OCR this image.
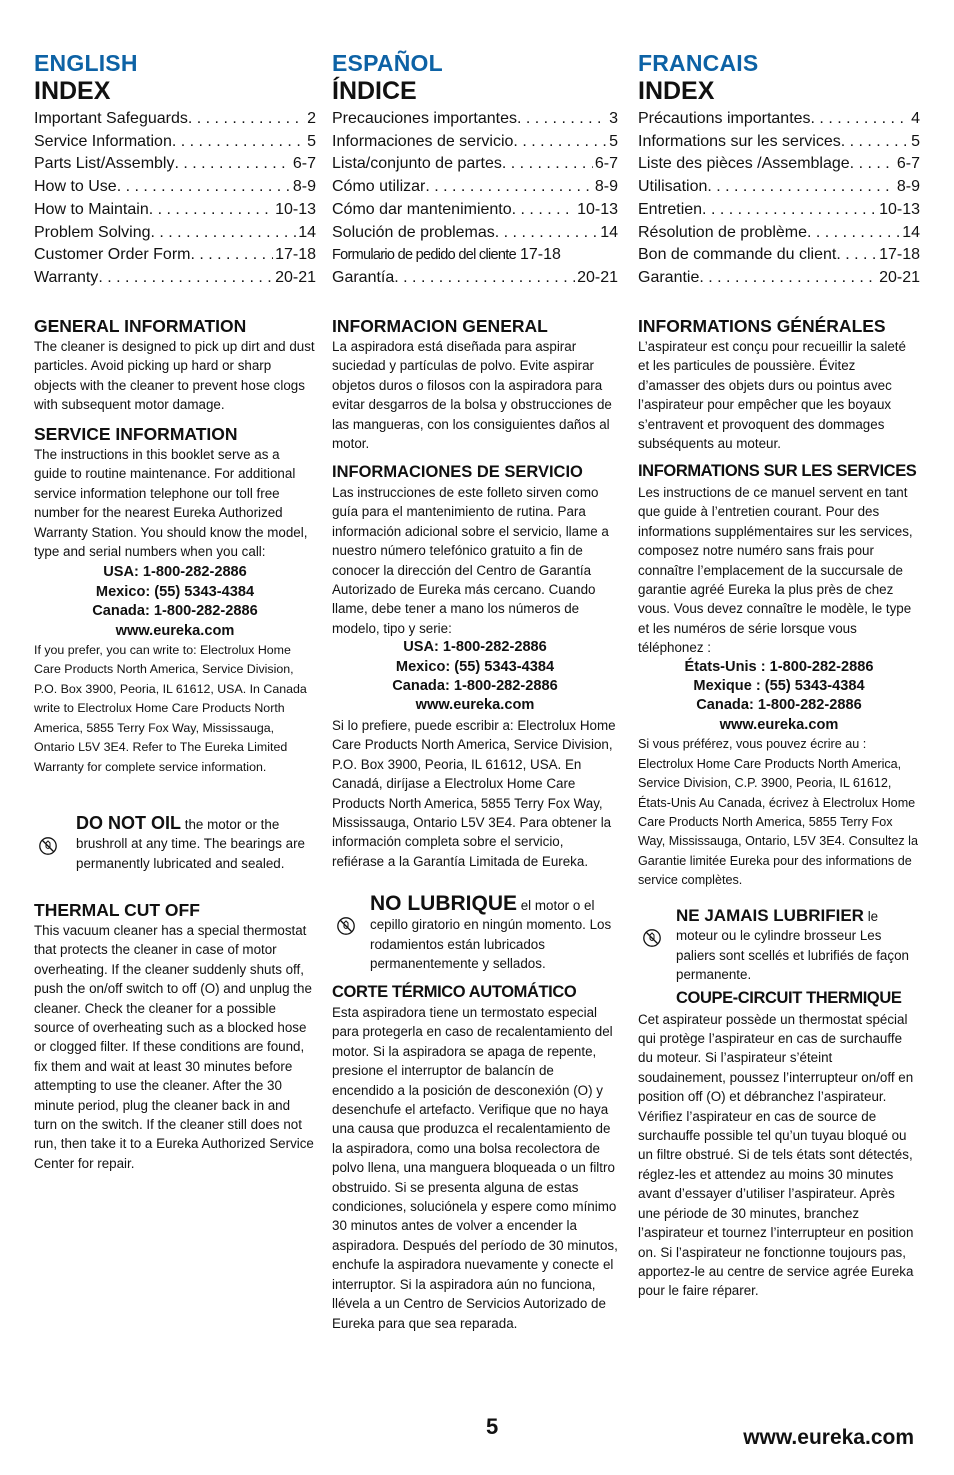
ENGLISH
INDEX
Important Safeguards . . .	2
Service Information . . .	5
Parts List/Assembly . . .	6-7
How to Use . . .	8-9
How to Maintain . . .	10-13
Problem Solving . . .	14
Customer Order Form . . .	17-18
Warranty . . .	20-21
GENERAL INFORMATION

The cleaner is designed to pick up dirt and dust particles. Avoid picking up hard or sharp objects with the cleaner to prevent hose clogs with subsequent motor damage.

SERVICE INFORMATION

The instructions in this booklet serve as a guide to routine maintenance. For additional service information telephone our toll free number for the nearest Eureka Authorized Warranty Station. You should know the model, type and serial numbers when you call:

USA: 1-800-282-2886
Mexico: (55) 5343-4384
Canada: 1-800-282-2886
www.eureka.com

If you prefer, you can write to: Electrolux Home Care Products North America, Service Division, P.O. Box 3900, Peoria, IL 61612, USA. In Canada write to Electrolux Home Care Products North America, 5855 Terry Fox Way, Mississauga, Ontario L5V 3E4. Refer to The Eureka Limited Warranty for complete service information.

DO NOT OIL the motor or the brushroll at any time. The bearings are permanently lubricated and sealed.
THERMAL CUT OFF

This vacuum cleaner has a special thermostat that protects the cleaner in case of motor overheating. If the cleaner suddenly shuts off, push the on/off switch to off (O) and unplug the cleaner. Check the cleaner for a possible source of overheating such as a blocked hose or clogged filter. If these conditions are found, fix them and wait at least 30 minutes before attempting to use the cleaner. After the 30 minute period, plug the cleaner back in and turn on the switch. If the cleaner still does not run, then take it to a Eureka Authorized Service Center for repair.

ESPAÑOL
ÍNDICE
Precauciones importantes . . .	3
Informaciones de servicio . . .	5
Lista/conjunto de partes . . .	6-7
Cómo utilizar . . .	8-9
Cómo dar mantenimiento . . .	10-13
Solución de problemas . . .	14
Formulario de pedido del cliente 17-18
Garantía . . .	20-21
INFORMACION GENERAL

La aspiradora está diseñada para aspirar suciedad y partículas de polvo. Evite aspirar objetos duros o filosos con la aspiradora para evitar desgarros de la bolsa y obstrucciones de las mangueras, con los consiguientes daños al motor.

INFORMACIONES DE SERVICIO

Las instrucciones de este folleto sirven como guía para el mantenimiento de rutina. Para información adicional sobre el servicio, llame a nuestro número telefónico gratuito a fin de conocer la dirección del Centro de Garantía Autorizado de Eureka más cercano. Cuando llame, debe tener a mano los números de modelo, tipo y serie:

USA: 1-800-282-2886
Mexico: (55) 5343-4384
Canada: 1-800-282-2886
www.eureka.com

Si lo prefiere, puede escribir a: Electrolux Home Care Products North America, Service Division, P.O. Box 3900, Peoria, IL 61612, USA. En Canadá, diríjase a Electrolux Home Care Products North America, 5855 Terry Fox Way, Mississauga, Ontario L5V 3E4. Para obtener la información completa sobre el servicio, refiérase a la Garantía Limitada de Eureka.

NO LUBRIQUE el motor o el cepillo giratorio en ningún momento. Los rodamientos están lubricados permanentemente y sellados.
CORTE TÉRMICO AUTOMÁTICO

Esta aspiradora tiene un termostato especial para protegerla en caso de recalentamiento del motor. Si la aspiradora se apaga de repente, presione el interruptor de balancín de encendido a la posición de desconexión (O) y desenchufe el artefacto. Verifique que no haya una causa que produzca el recalentamiento de la aspiradora, como una bolsa recolectora de polvo llena, una manguera bloqueada o un filtro obstruido. Si se presenta alguna de estas condiciones, soluciónela y espere como mínimo 30 minutos antes de volver a encender la aspiradora. Después del período de 30 minutos, enchufe la aspiradora nuevamente y conecte el interruptor. Si la aspiradora aún no funciona, llévela a un Centro de Servicios Autorizado de Eureka para que sea reparada.

FRANCAIS
INDEX
Précautions importantes . . .	4
Informations sur les services . . .	5
Liste des pièces /Assemblage . . .	6-7
Utilisation . . .	8-9
Entretien . . .	10-13
Résolution de problème . . .	14
Bon de commande du client . . .	17-18
Garantie . . .	20-21
INFORMATIONS GÉNÉRALES

L’aspirateur est conçu pour recueillir la saleté et les particules de poussière. Évitez d’amasser des objets durs ou pointus avec l’aspirateur pour empêcher que les boyaux s’entravent et provoquent des dommages subséquents au moteur.

INFORMATIONS SUR LES SERVICES

Les instructions de ce manuel servent en tant que guide à l’entretien courant. Pour des informations supplémentaires sur les services, composez notre numéro sans frais pour connaître l’emplacement de la succursale de garantie agréé Eureka la plus près de chez vous. Vous devez connaître le modèle, le type et les numéros de série lorsque vous téléphonez :

États-Unis : 1-800-282-2886
Mexique : (55) 5343-4384
Canada: 1-800-282-2886
www.eureka.com

Si vous préférez, vous pouvez écrire au : Electrolux Home Care Products North America, Service Division, C.P. 3900, Peoria, IL 61612, États-Unis Au Canada, écrivez à Electrolux Home Care Products North America, 5855 Terry Fox Way, Mississauga, Ontario, L5V 3E4. Consultez la Garantie limitée Eureka pour des informations de service complètes.

NE JAMAIS LUBRIFIER le moteur ou le cylindre brosseur Les paliers sont scellés et lubrifiés de façon permanente.
COUPE-CIRCUIT THERMIQUE

Cet aspirateur possède un thermostat spécial qui protège l’aspirateur en cas de surchauffe du moteur. Si l’aspirateur s’éteint soudainement, poussez l’interrupteur on/off en position off (O) et débranchez l’aspirateur. Vérifiez l’aspirateur en cas de source de surchauffe possible tel qu’un tuyau bloqué ou un filtre obstrué. Si de tels états sont détectés, réglez-les et attendez au moins 30 minutes avant d’essayer d’utiliser l’aspirateur. Après une période de 30 minutes, branchez l’aspirateur et tournez l’interrupteur en position on. Si l’aspirateur ne fonctionne toujours pas, apportez-le au centre de service agrée Eureka pour le faire réparer.

5	www.eureka.com
